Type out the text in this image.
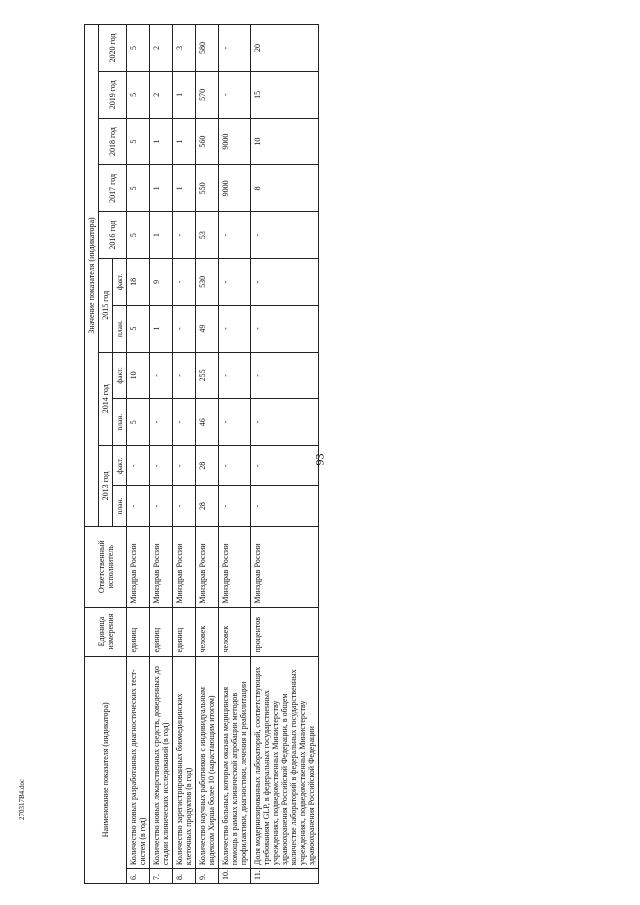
93
270317В4.doc	Наименование показателя (индикатора)		Единица измерения	Ответственный исполнитель	Значение показателя (индикатора)										
				2013 год		2014 год		2015 год		2016 год	2017 год	2018 год	2019 год	2020 год
				план.	факт.	план.	факт.	план.	факт.					
6.	Количество новых разработанных диагностических тест-систем (в год)	единиц	Минздрав России	-	-	5	10	5	18	5	5	5	5	5
7.	Количество новых лекарственных средств, доведенных до стадии клинических исследований (в год)	единиц	Минздрав России	-	-	-	-	1	9	1	1	1	2	2
8.	Количество зарегистрированных биомедицинских клеточных продуктов (в год)	единиц	Минздрав России	-	-	-	-	-	-	-	1	1	1	3
9.	Количество научных работников с индивидуальным индексом Хирша более 10 (нарастающим итогом)	человек	Минздрав России	28	28	46	255	49	530	53	550	560	570	580
10.	Количество больных, которым оказана медицинская помощь в рамках клинической апробации методов профилактики, диагностики, лечения и реабилитации	человек	Минздрав России	-	-	-	-	-	-	-	9000	9000	-	-
11.	Доля модернизированных лабораторий, соответствующих требованиям GLP, в федеральных государственных учреждениях, подведомственных Министерству здравоохранения Российской Федерации, в общем количестве лабораторий в федеральных государственных учреждениях, подведомственных Министерству здравоохранения Российской Федерации	процентов	Минздрав России	-	-	-	-	-	-	-	8	10	15	20
